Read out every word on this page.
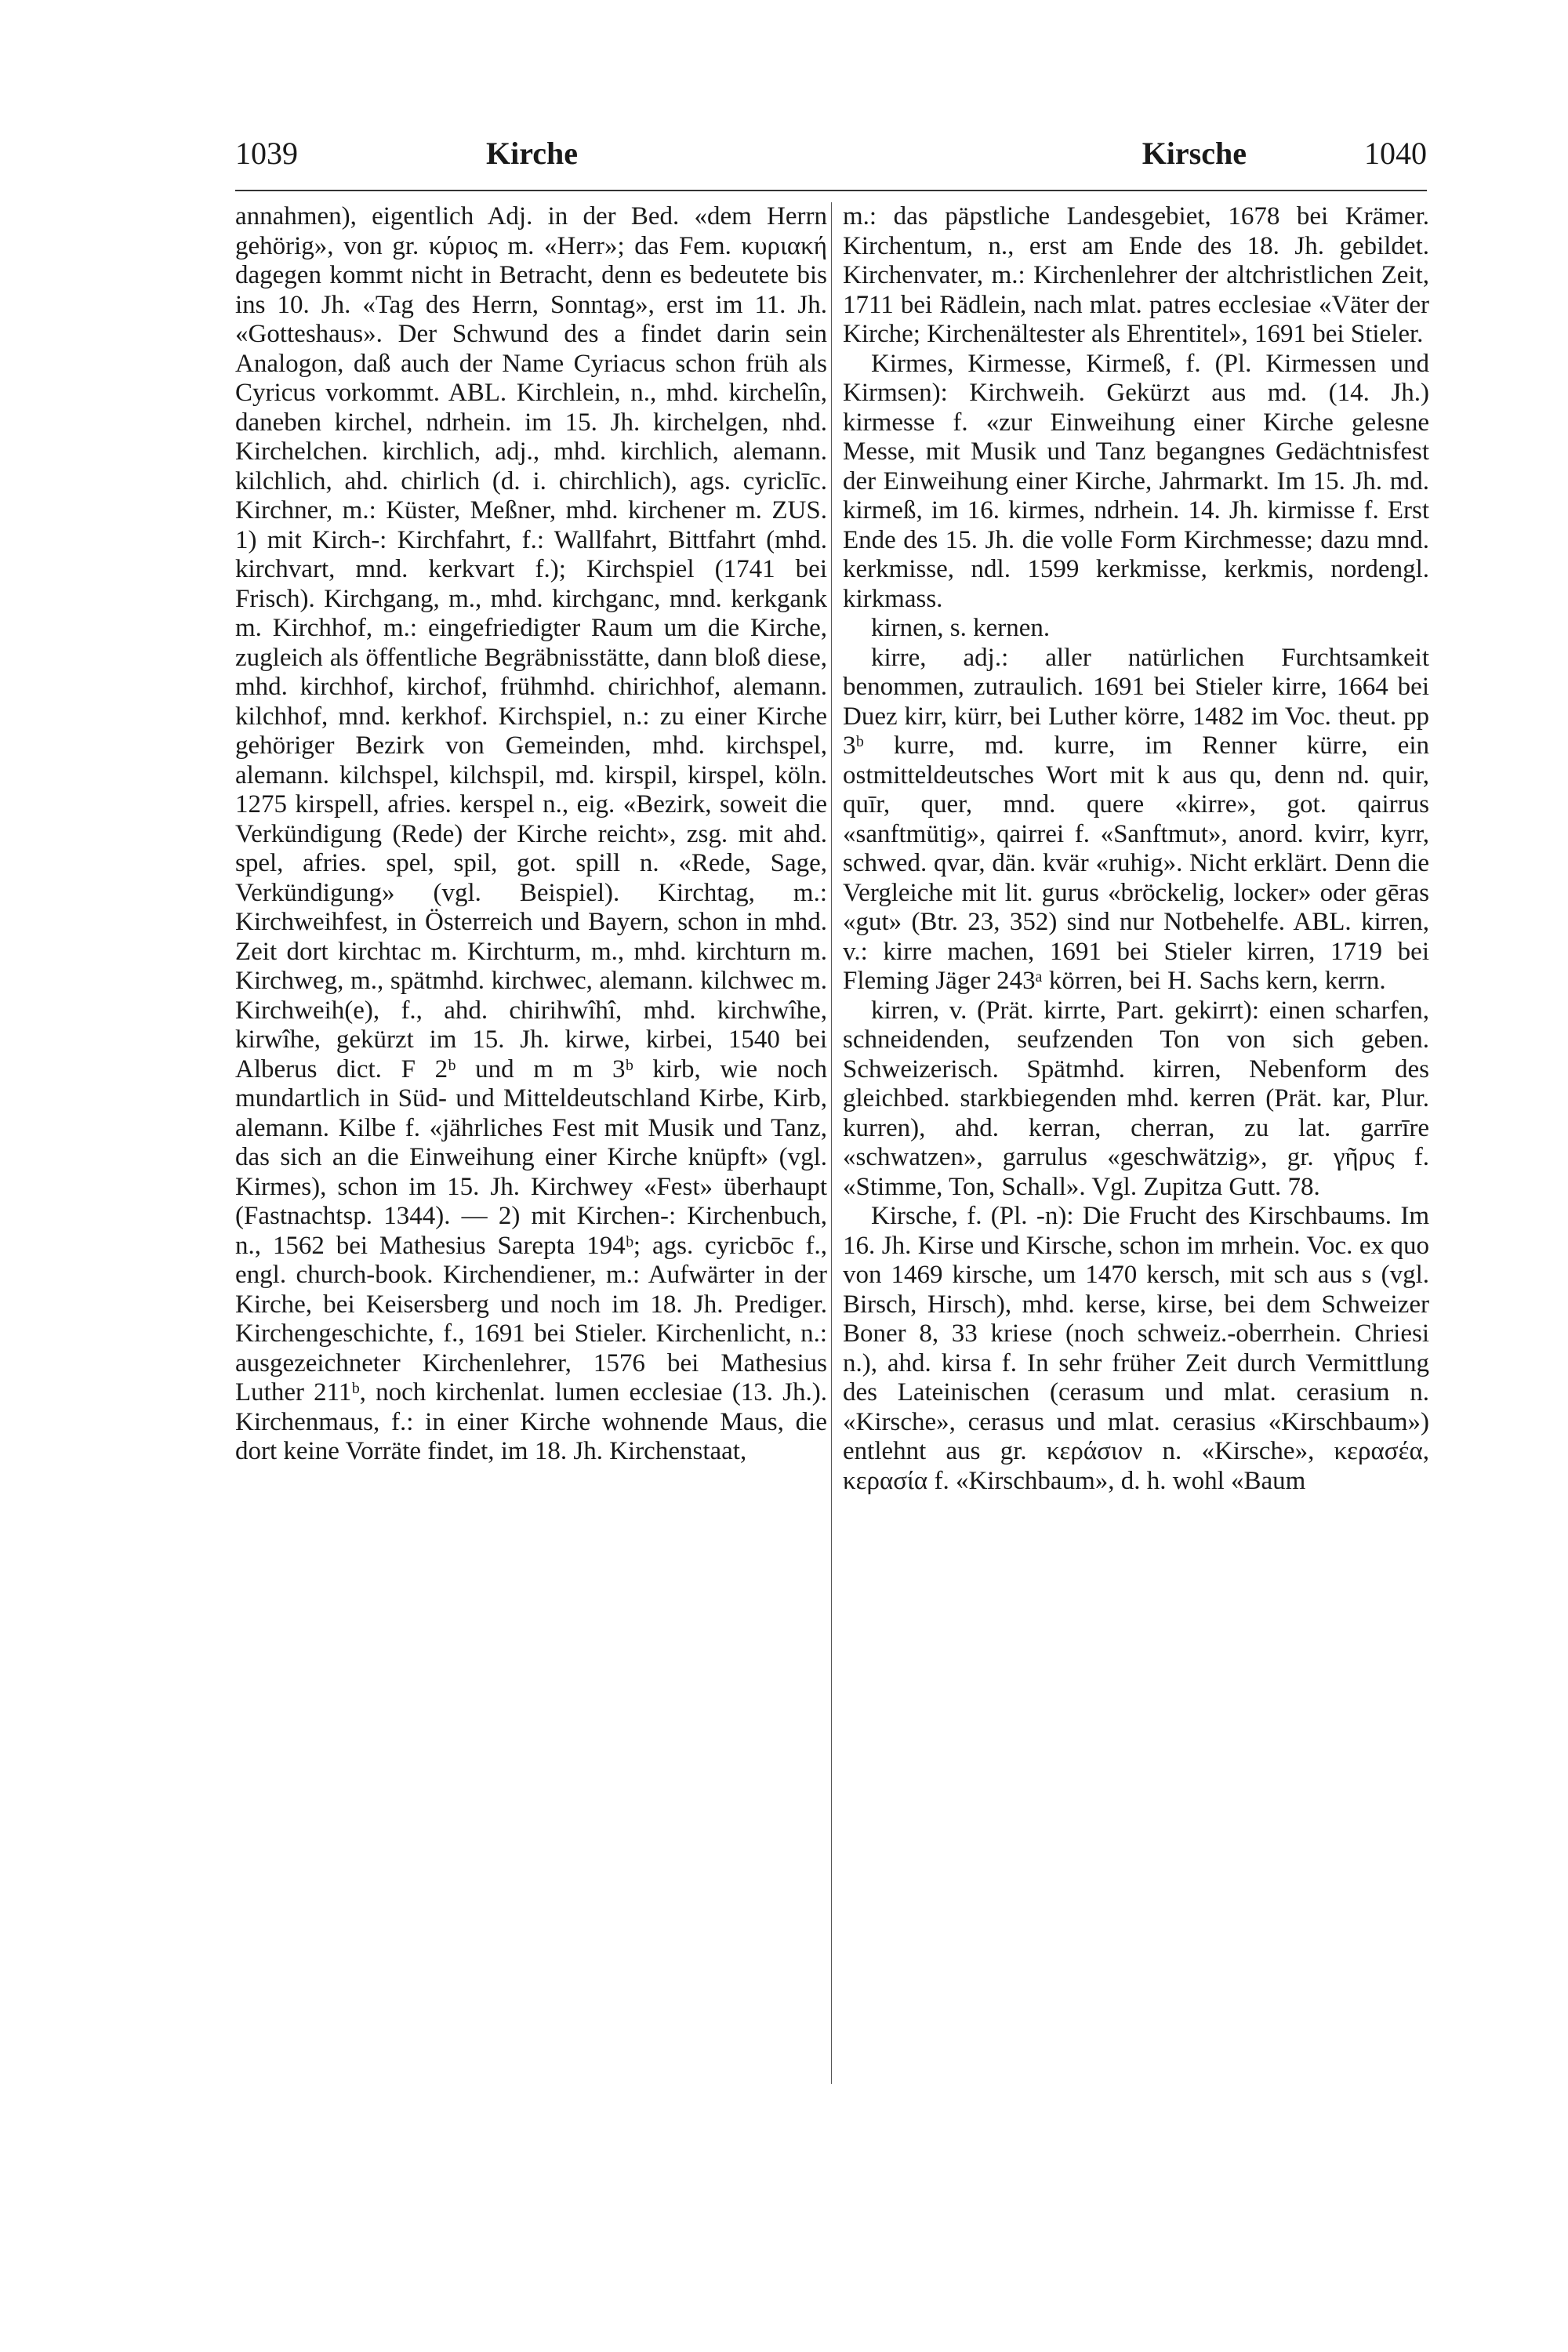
1039	Kirche	Kirsche	1040

annahmen), eigentlich Adj. in der Bed. «dem Herrn gehörig», von gr. κύριος m. «Herr»; das Fem. κυριακή dagegen kommt nicht in Betracht, denn es bedeutete bis ins 10. Jh. «Tag des Herrn, Sonntag», erst im 11. Jh. «Gotteshaus». Der Schwund des a findet darin sein Analogon, daß auch der Name Cyriacus schon früh als Cyricus vorkommt. ABL. Kirchlein, n., mhd. kirchelîn, daneben kirchel, ndrhein. im 15. Jh. kirchelgen, nhd. Kirchelchen. kirchlich, adj., mhd. kirchlich, alemann. kilchlich, ahd. chirlich (d. i. chirchlich), ags. cyriclīc. Kirchner, m.: Küster, Meßner, mhd. kirchener m. ZUS. 1) mit Kirch-: Kirchfahrt, f.: Wallfahrt, Bittfahrt (mhd. kirchvart, mnd. kerkvart f.); Kirchspiel (1741 bei Frisch). Kirchgang, m., mhd. kirchganc, mnd. kerkgank m. Kirchhof, m.: eingefriedigter Raum um die Kirche, zugleich als öffentliche Begräbnisstätte, dann bloß diese, mhd. kirchhof, kirchof, frühmhd. chirichhof, alemann. kilchhof, mnd. kerkhof. Kirchspiel, n.: zu einer Kirche gehöriger Bezirk von Gemeinden, mhd. kirchspel, alemann. kilchspel, kilchspil, md. kirspil, kirspel, köln. 1275 kirspell, afries. kerspel n., eig. «Bezirk, soweit die Verkündigung (Rede) der Kirche reicht», zsg. mit ahd. spel, afries. spel, spil, got. spill n. «Rede, Sage, Verkündigung» (vgl. Beispiel). Kirchtag, m.: Kirchweihfest, in Österreich und Bayern, schon in mhd. Zeit dort kirchtac m. Kirchturm, m., mhd. kirchturn m. Kirchweg, m., spätmhd. kirchwec, alemann. kilchwec m. Kirchweih(e), f., ahd. chirihwîhî, mhd. kirchwîhe, kirwîhe, gekürzt im 15. Jh. kirwe, kirbei, 1540 bei Alberus dict. F 2ᵇ und m m 3ᵇ kirb, wie noch mundartlich in Süd- und Mitteldeutschland Kirbe, Kirb, alemann. Kilbe f. «jährliches Fest mit Musik und Tanz, das sich an die Einweihung einer Kirche knüpft» (vgl. Kirmes), schon im 15. Jh. Kirchwey «Fest» überhaupt (Fastnachtsp. 1344). — 2) mit Kirchen-: Kirchenbuch, n., 1562 bei Mathesius Sarepta 194ᵇ; ags. cyricbōc f., engl. church-book. Kirchendiener, m.: Aufwärter in der Kirche, bei Keisersberg und noch im 18. Jh. Prediger. Kirchengeschichte, f., 1691 bei Stieler. Kirchenlicht, n.: ausgezeichneter Kirchenlehrer, 1576 bei Mathesius Luther 211ᵇ, noch kirchenlat. lumen ecclesiae (13. Jh.). Kirchenmaus, f.: in einer Kirche wohnende Maus, die dort keine Vorräte findet, im 18. Jh. Kirchenstaat,

m.: das päpstliche Landesgebiet, 1678 bei Krämer. Kirchentum, n., erst am Ende des 18. Jh. gebildet. Kirchenvater, m.: Kirchenlehrer der altchristlichen Zeit, 1711 bei Rädlein, nach mlat. patres ecclesiae «Väter der Kirche; Kirchenältester als Ehrentitel», 1691 bei Stieler.

Kirmes, Kirmesse, Kirmeß, f. (Pl. Kirmessen und Kirmsen): Kirchweih. Gekürzt aus md. (14. Jh.) kirmesse f. «zur Einweihung einer Kirche gelesne Messe, mit Musik und Tanz begangnes Gedächtnisfest der Einweihung einer Kirche, Jahrmarkt. Im 15. Jh. md. kirmeß, im 16. kirmes, ndrhein. 14. Jh. kirmisse f. Erst Ende des 15. Jh. die volle Form Kirchmesse; dazu mnd. kerkmisse, ndl. 1599 kerkmisse, kerkmis, nordengl. kirkmass.

kirnen, s. kernen.

kirre, adj.: aller natürlichen Furchtsamkeit benommen, zutraulich. 1691 bei Stieler kirre, 1664 bei Duez kirr, kürr, bei Luther körre, 1482 im Voc. theut. pp 3ᵇ kurre, md. kurre, im Renner kürre, ein ostmitteldeutsches Wort mit k aus qu, denn nd. quir, quīr, quer, mnd. quere «kirre», got. qairrus «sanftmütig», qairrei f. «Sanftmut», anord. kvirr, kyrr, schwed. qvar, dän. kvär «ruhig». Nicht erklärt. Denn die Vergleiche mit lit. gurus «bröckelig, locker» oder gēras «gut» (Btr. 23, 352) sind nur Notbehelfe. ABL. kirren, v.: kirre machen, 1691 bei Stieler kirren, 1719 bei Fleming Jäger 243ᵃ körren, bei H. Sachs kern, kerrn.

kirren, v. (Prät. kirrte, Part. gekirrt): einen scharfen, schneidenden, seufzenden Ton von sich geben. Schweizerisch. Spätmhd. kirren, Nebenform des gleichbed. starkbiegenden mhd. kerren (Prät. kar, Plur. kurren), ahd. kerran, cherran, zu lat. garrīre «schwatzen», garrulus «geschwätzig», gr. γῆρυς f. «Stimme, Ton, Schall». Vgl. Zupitza Gutt. 78.

Kirsche, f. (Pl. -n): Die Frucht des Kirschbaums. Im 16. Jh. Kirse und Kirsche, schon im mrhein. Voc. ex quo von 1469 kirsche, um 1470 kersch, mit sch aus s (vgl. Birsch, Hirsch), mhd. kerse, kirse, bei dem Schweizer Boner 8, 33 kriese (noch schweiz.-oberrhein. Chriesi n.), ahd. kirsa f. In sehr früher Zeit durch Vermittlung des Lateinischen (cerasum und mlat. cerasium n. «Kirsche», cerasus und mlat. cerasius «Kirschbaum») entlehnt aus gr. κεράσιον n. «Kirsche», κερασέα, κερασία f. «Kirschbaum», d. h. wohl «Baum
